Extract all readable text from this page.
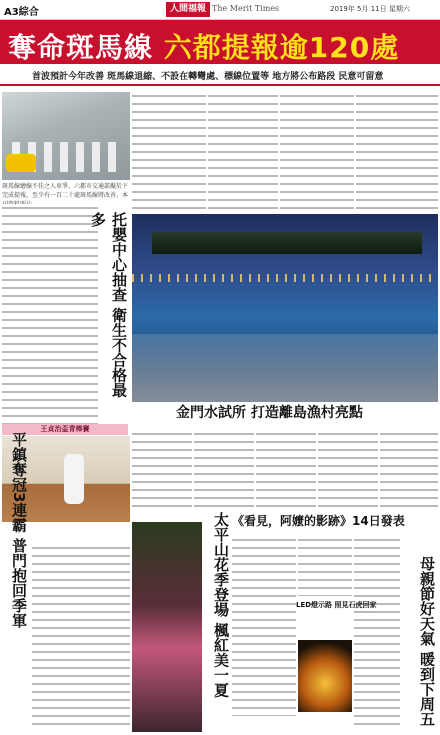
A3綜合	人間福報 The Merit Times	2019年 5月 11日 星期六
奪命斑馬線 六都提報逾120處
首波預計今年改善 斑馬線退縮、不設在轉彎處、標線位置等 地方將公布路段 民意可留意
斑馬線繪線不佳之人車爭，六都市交通部擬於下完成提報，至少有一百二十處斑馬線將改善。本
托嬰中心抽查 衛生不合格最多
金門水試所 打造離島漁村亮點
王貞治盃青棒賽
平鎮奪冠3連霸 普門抱回季軍	太平山花季登場 楓紅美一夏 《看見，阿嬤的影跡》14日發表
LED燈示路 照見石虎回家	母親節好天氣 暖到下周五
